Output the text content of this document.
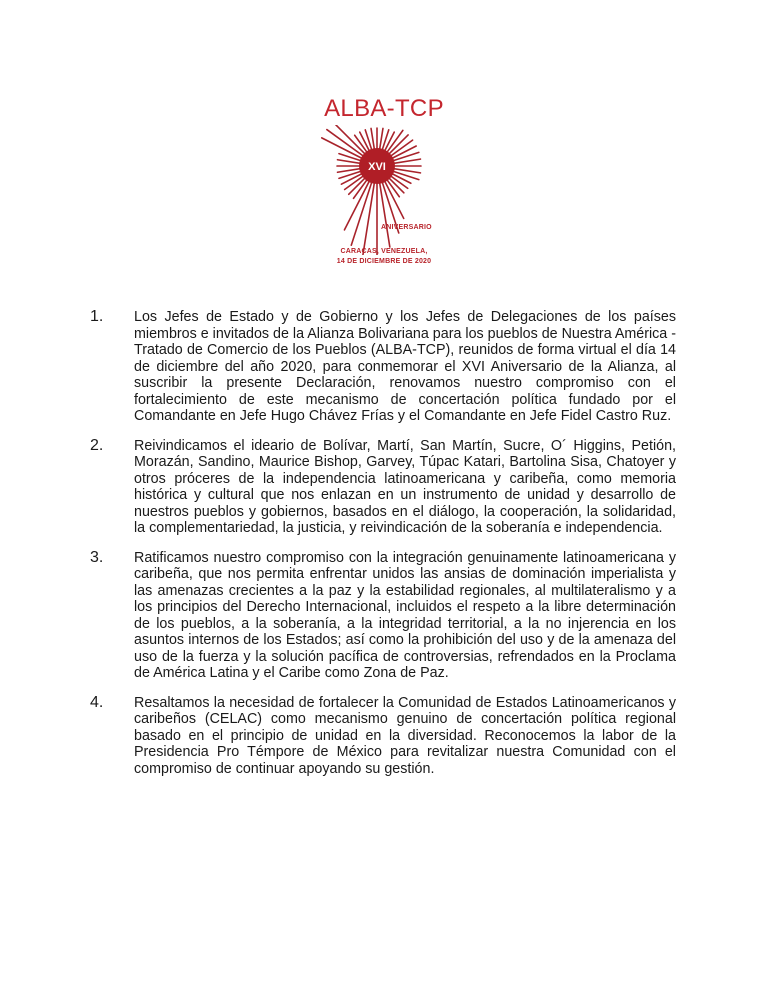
ALBA-TCP
XVI
ANIVERSARIO
CARACAS, VENEZUELA,
14 DE DICIEMBRE DE 2020
1.	Los Jefes de Estado y de Gobierno y los Jefes de Delegaciones de los países miembros e invitados de la Alianza Bolivariana para los pueblos de Nuestra América - Tratado de Comercio de los Pueblos (ALBA-TCP), reunidos de forma virtual el día 14 de diciembre del año 2020, para conmemorar el XVI Aniversario de la Alianza, al suscribir la presente Declaración, renovamos nuestro compromiso con el fortalecimiento de este mecanismo de concertación política fundado por el Comandante en Jefe Hugo Chávez Frías y el Comandante en Jefe Fidel Castro Ruz.
2.	Reivindicamos el ideario de Bolívar, Martí, San Martín, Sucre, O´ Higgins, Petión, Morazán, Sandino, Maurice Bishop, Garvey, Túpac Katari, Bartolina Sisa, Chatoyer y otros próceres de la independencia latinoamericana y caribeña, como memoria histórica y cultural que nos enlazan en un instrumento de unidad y desarrollo de nuestros pueblos y gobiernos, basados en el diálogo, la cooperación, la solidaridad, la complementariedad, la justicia, y reivindicación de la soberanía e independencia.
3.	Ratificamos nuestro compromiso con la integración genuinamente latinoamericana y caribeña, que nos permita enfrentar unidos las ansias de dominación imperialista y las amenazas crecientes a la paz y la estabilidad regionales, al multilateralismo y a los principios del Derecho Internacional, incluidos el respeto a la libre determinación de los pueblos, a la soberanía, a la integridad territorial, a la no injerencia en los asuntos internos de los Estados; así como la prohibición del uso y de la amenaza del uso de la fuerza y la solución pacífica de controversias, refrendados en la Proclama de América Latina y el Caribe como Zona de Paz.
4.	Resaltamos la necesidad de fortalecer la Comunidad de Estados Latinoamericanos y caribeños (CELAC) como mecanismo genuino de concertación política regional basado en el principio de unidad en la diversidad. Reconocemos la labor de la Presidencia Pro Témpore de México para revitalizar nuestra Comunidad con el compromiso de continuar apoyando su gestión.
